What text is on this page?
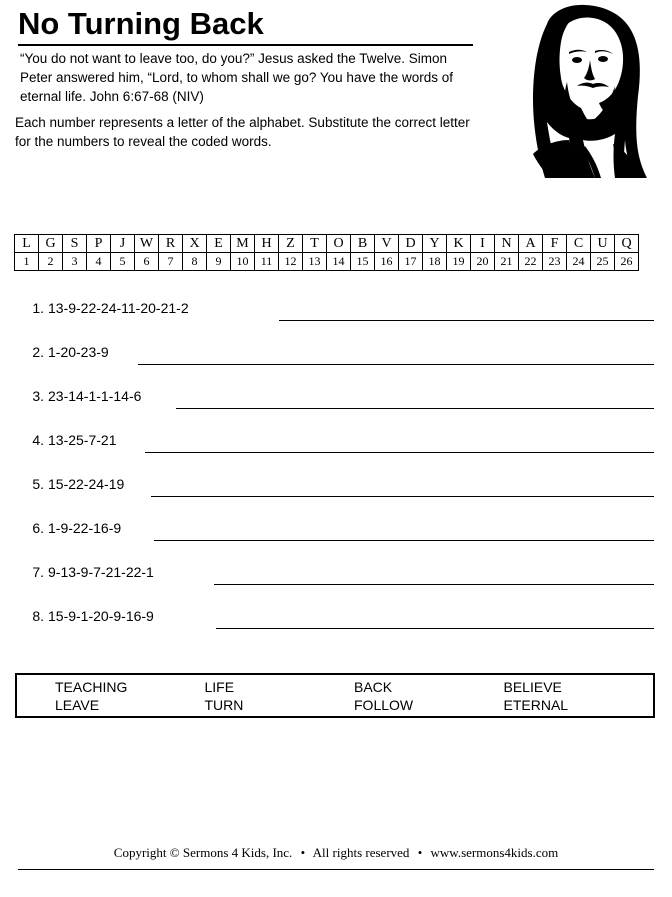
No Turning Back
“You do not want to leave too, do you?” Jesus asked the Twelve. Simon Peter answered him, “Lord, to whom shall we go? You have the words of eternal life. John 6:67-68 (NIV)
Each number represents a letter of the alphabet. Substitute the correct letter for the numbers to reveal the coded words.
L	G	S	P	J	W	R	X	E	M	H	Z	T	O	B	V	D	Y	K	I	N	A	F	C	U	Q
1	2	3	4	5	6	7	8	9	10	11	12	13	14	15	16	17	18	19	20	21	22	23	24	25	26
1. 13-9-22-24-11-20-21-2
2. 1-20-23-9
3. 23-14-1-1-14-6
4. 13-25-7-21
5. 15-22-24-19
6. 1-9-22-16-9
7. 9-13-9-7-21-22-1
8. 15-9-1-20-9-16-9
TEACHING	LIFE	BACK	BELIEVE
LEAVE	TURN	FOLLOW	ETERNAL
Copyright © Sermons 4 Kids, Inc. • All rights reserved • www.sermons4kids.com
